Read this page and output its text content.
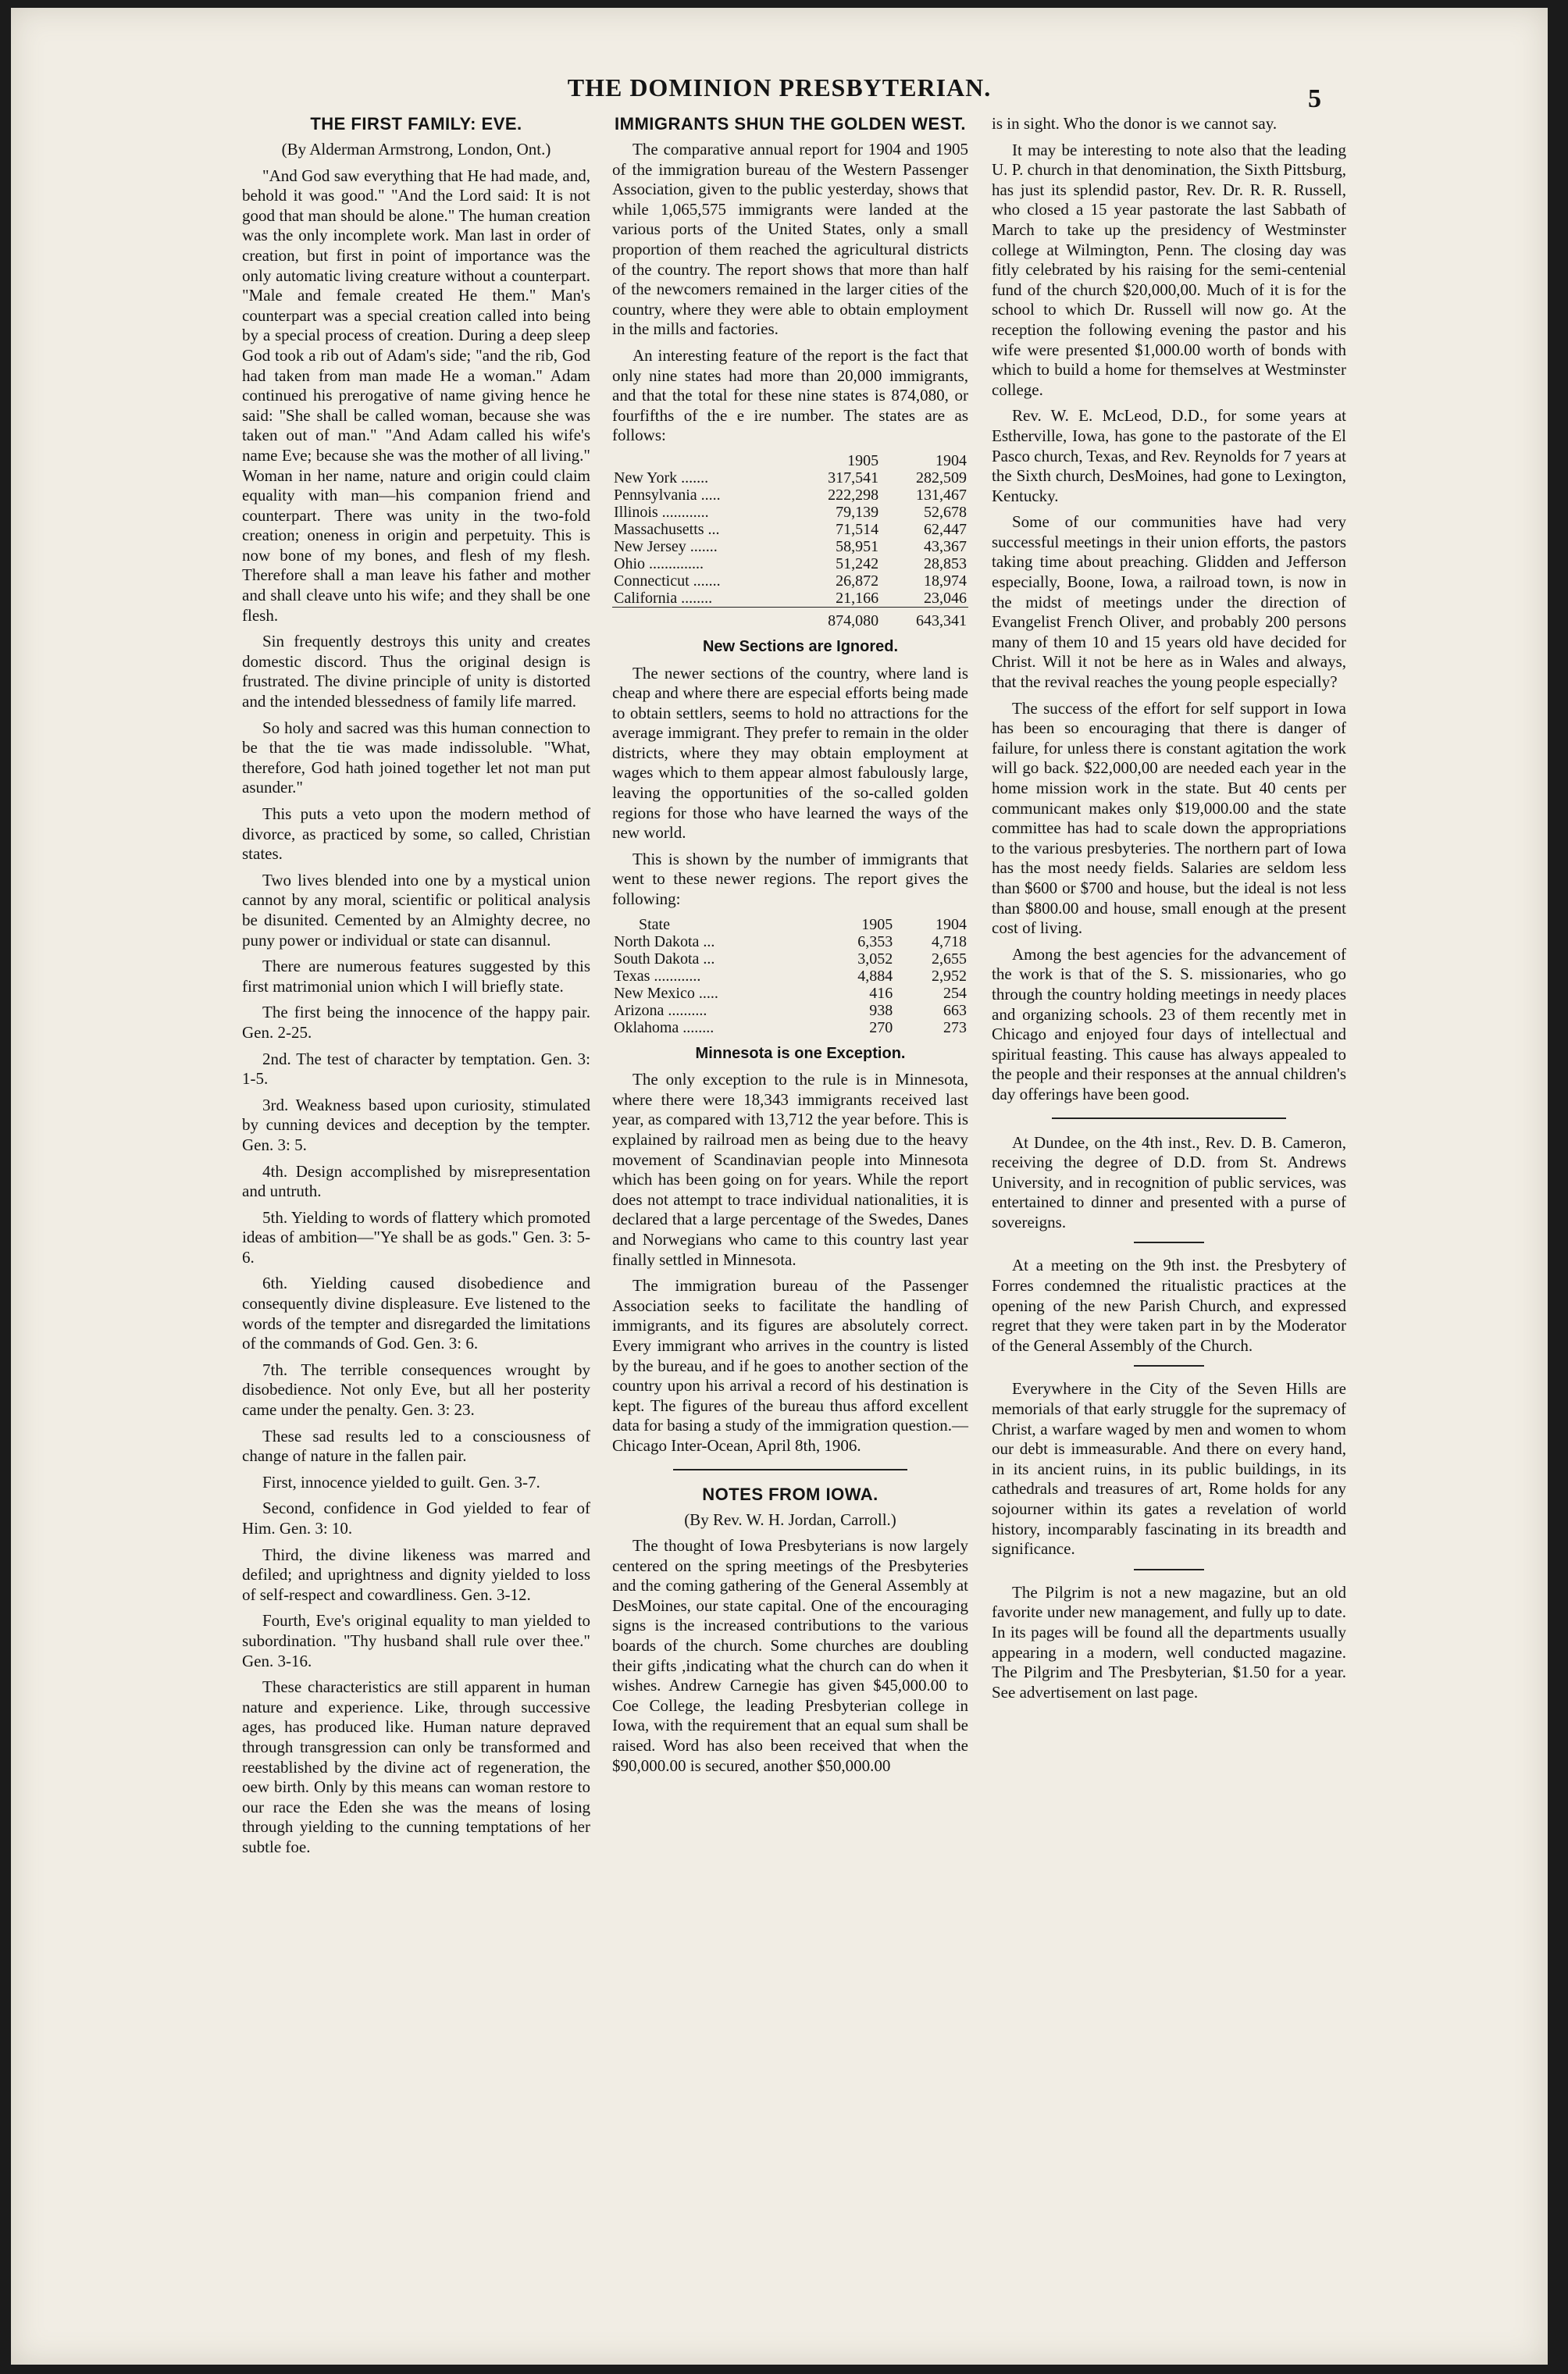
THE DOMINION PRESBYTERIAN.	5

THE FIRST FAMILY: EVE.

(By Alderman Armstrong, London, Ont.)

"And God saw everything that He had made, and, behold it was good." "And the Lord said: It is not good that man should be alone." The human creation was the only incomplete work. Man last in order of creation, but first in point of importance was the only automatic living creature without a counterpart. "Male and female created He them." Man's counterpart was a special creation called into being by a special process of creation. During a deep sleep God took a rib out of Adam's side; "and the rib, God had taken from man made He a woman." Adam continued his prerogative of name giving hence he said: "She shall be called woman, because she was taken out of man." "And Adam called his wife's name Eve; because she was the mother of all living." Woman in her name, nature and origin could claim equality with man—his companion friend and counterpart. There was unity in the two-fold creation; oneness in origin and perpetuity. This is now bone of my bones, and flesh of my flesh. Therefore shall a man leave his father and mother and shall cleave unto his wife; and they shall be one flesh.

Sin frequently destroys this unity and creates domestic discord. Thus the original design is frustrated. The divine principle of unity is distorted and the intended blessedness of family life marred.

So holy and sacred was this human connection to be that the tie was made indissoluble. "What, therefore, God hath joined together let not man put asunder."

This puts a veto upon the modern method of divorce, as practiced by some, so called, Christian states.

Two lives blended into one by a mystical union cannot by any moral, scientific or political analysis be disunited. Cemented by an Almighty decree, no puny power or individual or state can disannul.

There are numerous features suggested by this first matrimonial union which I will briefly state.

The first being the innocence of the happy pair. Gen. 2-25.

2nd. The test of character by temptation. Gen. 3: 1-5.

3rd. Weakness based upon curiosity, stimulated by cunning devices and deception by the tempter. Gen. 3: 5.

4th. Design accomplished by misrepresentation and untruth.

5th. Yielding to words of flattery which promoted ideas of ambition—"Ye shall be as gods." Gen. 3: 5-6.

6th. Yielding caused disobedience and consequently divine displeasure. Eve listened to the words of the tempter and disregarded the limitations of the commands of God. Gen. 3: 6.

7th. The terrible consequences wrought by disobedience. Not only Eve, but all her posterity came under the penalty. Gen. 3: 23.

These sad results led to a consciousness of change of nature in the fallen pair.

First, innocence yielded to guilt. Gen. 3-7.

Second, confidence in God yielded to fear of Him. Gen. 3: 10.

Third, the divine likeness was marred and defiled; and uprightness and dignity yielded to loss of self-respect and cowardliness. Gen. 3-12.

Fourth, Eve's original equality to man yielded to subordination. "Thy husband shall rule over thee." Gen. 3-16.

These characteristics are still apparent in human nature and experience. Like, through successive ages, has produced like. Human nature depraved through transgression can only be transformed and reestablished by the divine act of regeneration, the oew birth. Only by this means can woman restore to our race the Eden she was the means of losing through yielding to the cunning temptations of her subtle foe.

IMMIGRANTS SHUN THE GOLDEN WEST.

The comparative annual report for 1904 and 1905 of the immigration bureau of the Western Passenger Association, given to the public yesterday, shows that while 1,065,575 immigrants were landed at the various ports of the United States, only a small proportion of them reached the agricultural districts of the country. The report shows that more than half of the newcomers remained in the larger cities of the country, where they were able to obtain employment in the mills and factories.

An interesting feature of the report is the fact that only nine states had more than 20,000 immigrants, and that the total for these nine states is 874,080, or fourfifths of the e ire number. The states are as follows:

	1905	1904
New York .......	317,541	282,509
Pennsylvania .....	222,298	131,467
Illinois ............	79,139	52,678
Massachusetts ...	71,514	62,447
New Jersey .......	58,951	43,367
Ohio ..............	51,242	28,853
Connecticut .......	26,872	18,974
California ........	21,166	23,046
	874,080	643,341

New Sections are Ignored.

The newer sections of the country, where land is cheap and where there are especial efforts being made to obtain settlers, seems to hold no attractions for the average immigrant. They prefer to remain in the older districts, where they may obtain employment at wages which to them appear almost fabulously large, leaving the opportunities of the so-called golden regions for those who have learned the ways of the new world.

This is shown by the number of immigrants that went to these newer regions. The report gives the following:

State	1905	1904
North Dakota ...	6,353	4,718
South Dakota ...	3,052	2,655
Texas ............	4,884	2,952
New Mexico .....	416	254
Arizona ..........	938	663
Oklahoma ........	270	273

Minnesota is one Exception.

The only exception to the rule is in Minnesota, where there were 18,343 immigrants received last year, as compared with 13,712 the year before. This is explained by railroad men as being due to the heavy movement of Scandinavian people into Minnesota which has been going on for years. While the report does not attempt to trace individual nationalities, it is declared that a large percentage of the Swedes, Danes and Norwegians who came to this country last year finally settled in Minnesota.

The immigration bureau of the Passenger Association seeks to facilitate the handling of immigrants, and its figures are absolutely correct. Every immigrant who arrives in the country is listed by the bureau, and if he goes to another section of the country upon his arrival a record of his destination is kept. The figures of the bureau thus afford excellent data for basing a study of the immigration question.—Chicago Inter-Ocean, April 8th, 1906.

NOTES FROM IOWA.

(By Rev. W. H. Jordan, Carroll.)

The thought of Iowa Presbyterians is now largely centered on the spring meetings of the Presbyteries and the coming gathering of the General Assembly at DesMoines, our state capital. One of the encouraging signs is the increased contributions to the various boards of the church. Some churches are doubling their gifts ,indicating what the church can do when it wishes. Andrew Carnegie has given $45,000.00 to Coe College, the leading Presbyterian college in Iowa, with the requirement that an equal sum shall be raised. Word has also been received that when the $90,000.00 is secured, another $50,000.00

is in sight. Who the donor is we cannot say.

It may be interesting to note also that the leading U. P. church in that denomination, the Sixth Pittsburg, has just its splendid pastor, Rev. Dr. R. R. Russell, who closed a 15 year pastorate the last Sabbath of March to take up the presidency of Westminster college at Wilmington, Penn. The closing day was fitly celebrated by his raising for the semi-centenial fund of the church $20,000,00. Much of it is for the school to which Dr. Russell will now go. At the reception the following evening the pastor and his wife were presented $1,000.00 worth of bonds with which to build a home for themselves at Westminster college.

Rev. W. E. McLeod, D.D., for some years at Estherville, Iowa, has gone to the pastorate of the El Pasco church, Texas, and Rev. Reynolds for 7 years at the Sixth church, DesMoines, had gone to Lexington, Kentucky.

Some of our communities have had very successful meetings in their union efforts, the pastors taking time about preaching. Glidden and Jefferson especially, Boone, Iowa, a railroad town, is now in the midst of meetings under the direction of Evangelist French Oliver, and probably 200 persons many of them 10 and 15 years old have decided for Christ. Will it not be here as in Wales and always, that the revival reaches the young people especially?

The success of the effort for self support in Iowa has been so encouraging that there is danger of failure, for unless there is constant agitation the work will go back. $22,000,00 are needed each year in the home mission work in the state. But 40 cents per communicant makes only $19,000.00 and the state committee has had to scale down the appropriations to the various presbyteries. The northern part of Iowa has the most needy fields. Salaries are seldom less than $600 or $700 and house, but the ideal is not less than $800.00 and house, small enough at the present cost of living.

Among the best agencies for the advancement of the work is that of the S. S. missionaries, who go through the country holding meetings in needy places and organizing schools. 23 of them recently met in Chicago and enjoyed four days of intellectual and spiritual feasting. This cause has always appealed to the people and their responses at the annual children's day offerings have been good.

At Dundee, on the 4th inst., Rev. D. B. Cameron, receiving the degree of D.D. from St. Andrews University, and in recognition of public services, was entertained to dinner and presented with a purse of sovereigns.

At a meeting on the 9th inst. the Presbytery of Forres condemned the ritualistic practices at the opening of the new Parish Church, and expressed regret that they were taken part in by the Moderator of the General Assembly of the Church.

Everywhere in the City of the Seven Hills are memorials of that early struggle for the supremacy of Christ, a warfare waged by men and women to whom our debt is immeasurable. And there on every hand, in its ancient ruins, in its public buildings, in its cathedrals and treasures of art, Rome holds for any sojourner within its gates a revelation of world history, incomparably fascinating in its breadth and significance.

The Pilgrim is not a new magazine, but an old favorite under new management, and fully up to date. In its pages will be found all the departments usually appearing in a modern, well conducted magazine. The Pilgrim and The Presbyterian, $1.50 for a year. See advertisement on last page.
